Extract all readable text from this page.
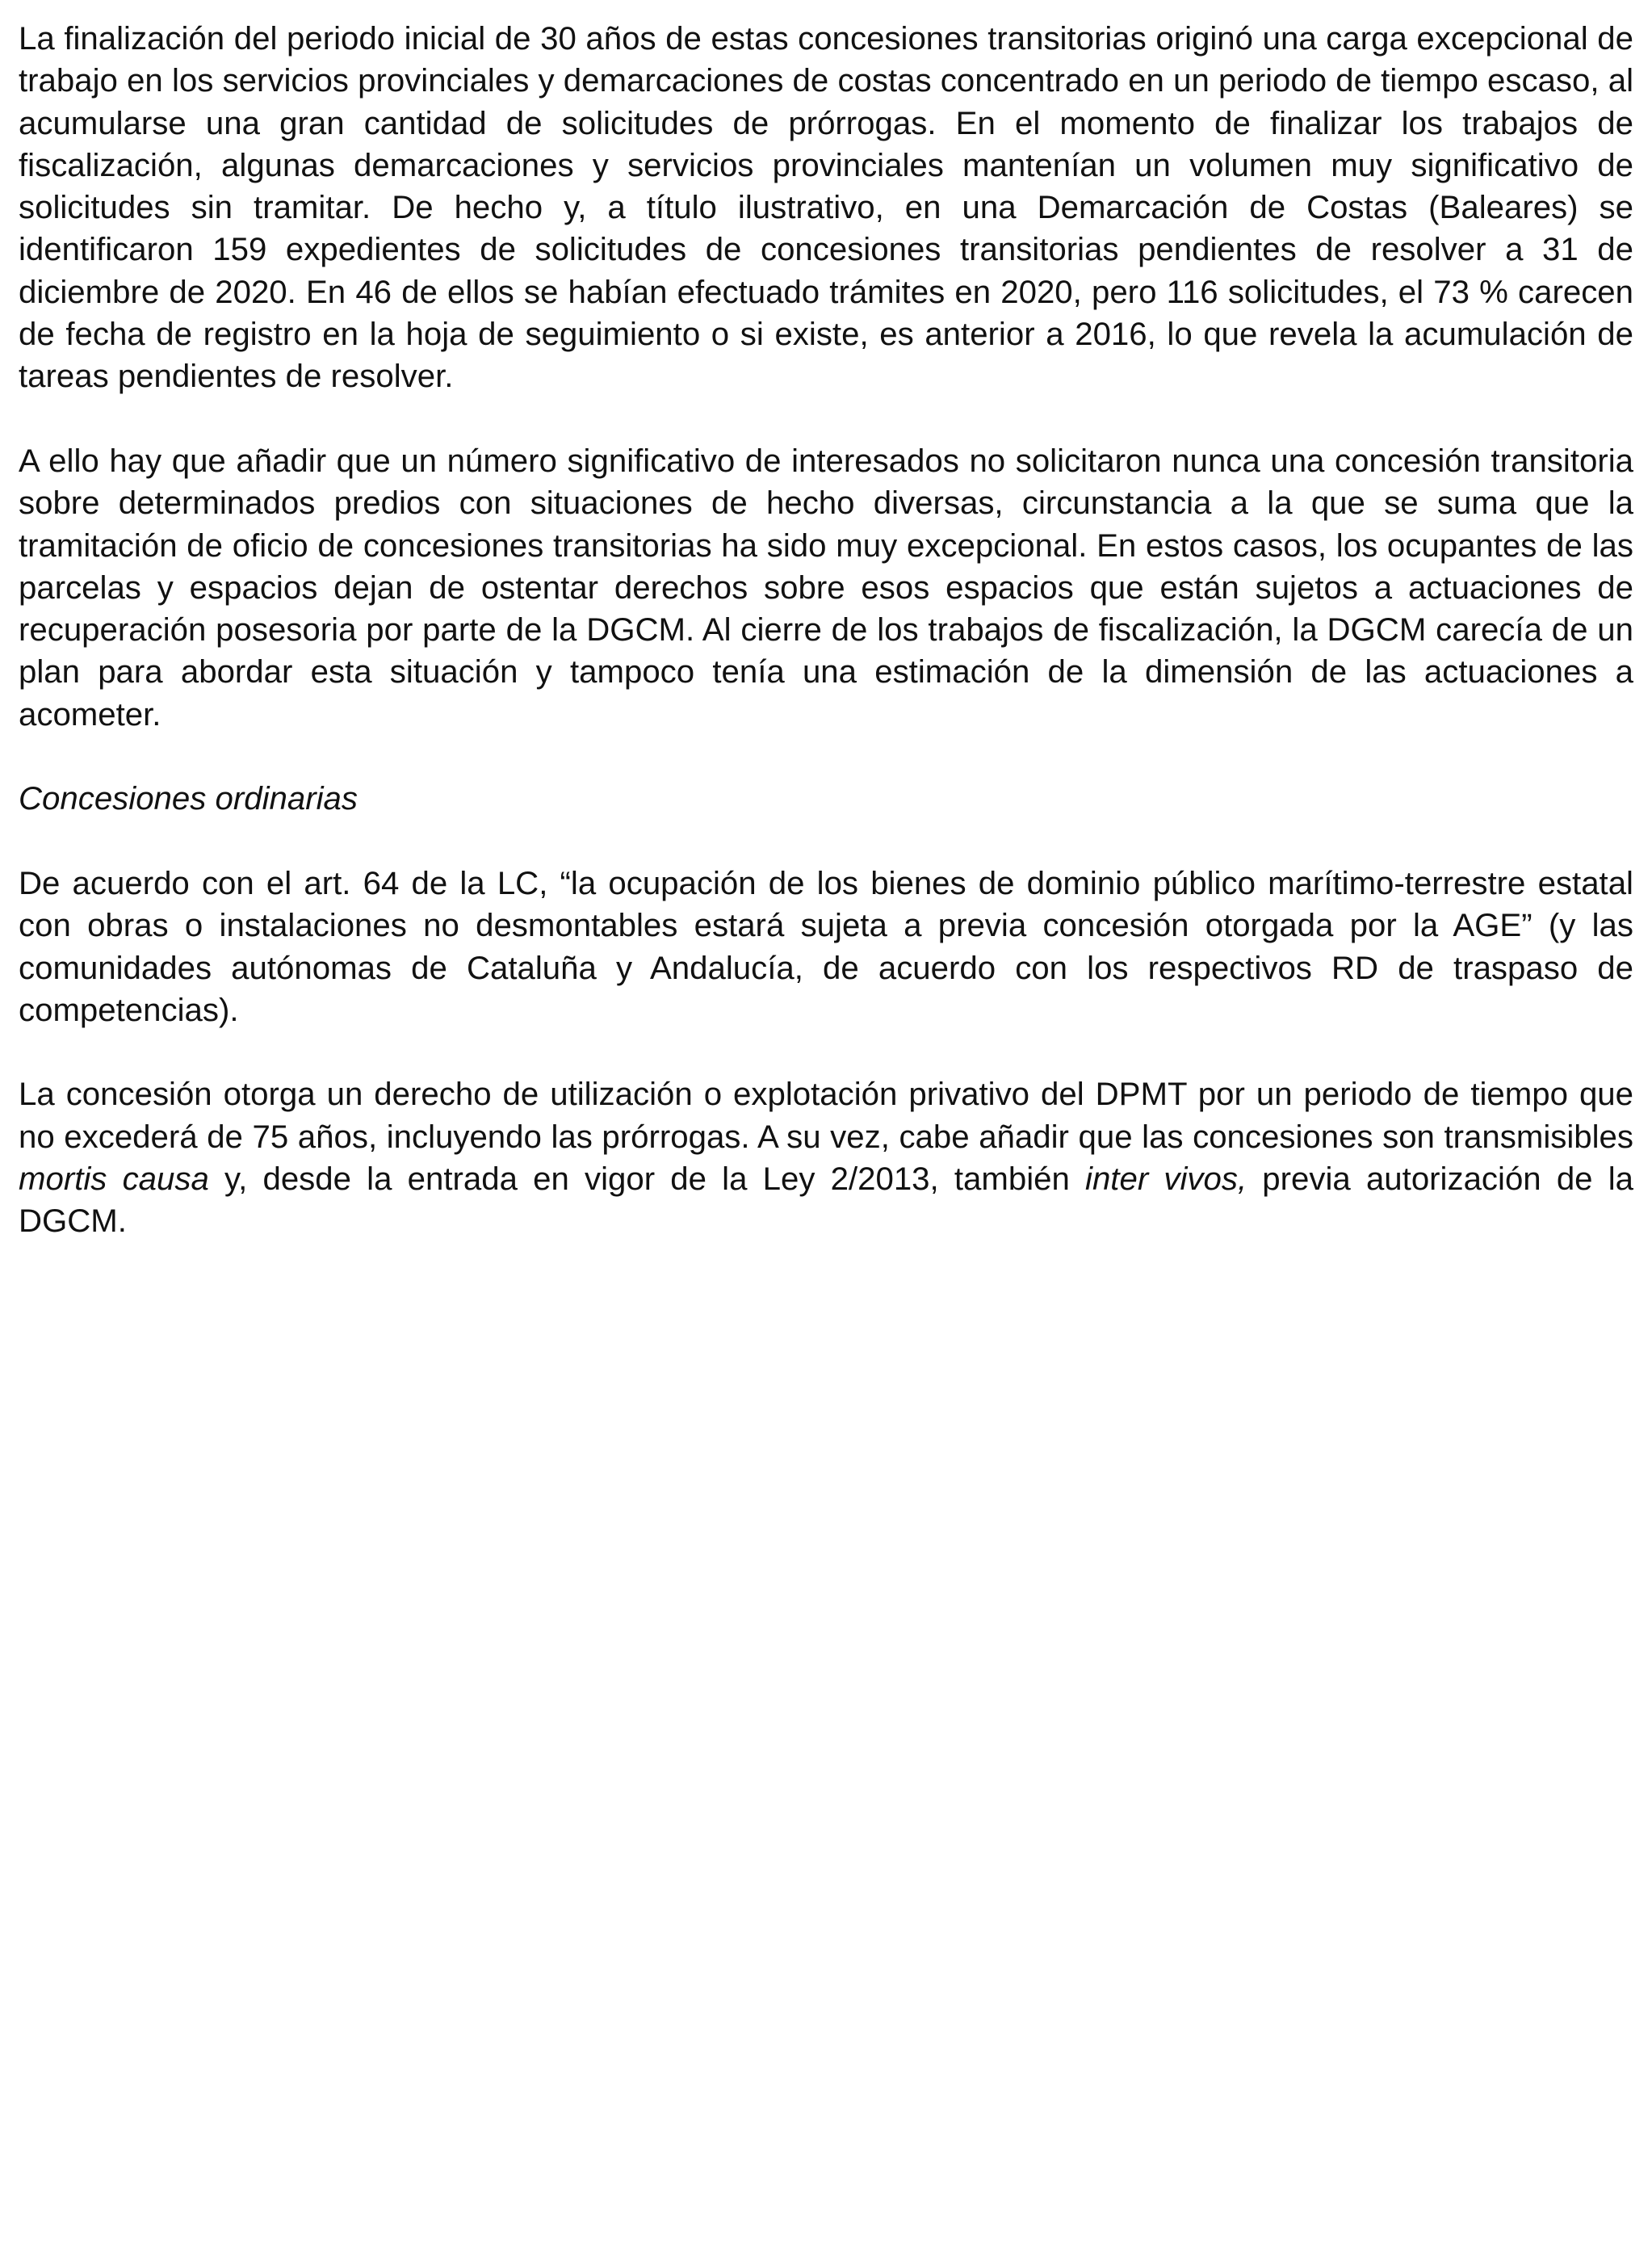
La finalización del periodo inicial de 30 años de estas concesiones transitorias originó una carga excepcional de trabajo en los servicios provinciales y demarcaciones de costas concentrado en un periodo de tiempo escaso, al acumularse una gran cantidad de solicitudes de prórrogas. En el momento de finalizar los trabajos de fiscalización, algunas demarcaciones y servicios provinciales mantenían un volumen muy significativo de solicitudes sin tramitar. De hecho y, a título ilustrativo, en una Demarcación de Costas (Baleares) se identificaron 159 expedientes de solicitudes de concesiones transitorias pendientes de resolver a 31 de diciembre de 2020. En 46 de ellos se habían efectuado trámites en 2020, pero 116 solicitudes, el 73 % carecen de fecha de registro en la hoja de seguimiento o si existe, es anterior a 2016, lo que revela la acumulación de tareas pendientes de resolver.

A ello hay que añadir que un número significativo de interesados no solicitaron nunca una concesión transitoria sobre determinados predios con situaciones de hecho diversas, circunstancia a la que se suma que la tramitación de oficio de concesiones transitorias ha sido muy excepcional. En estos casos, los ocupantes de las parcelas y espacios dejan de ostentar derechos sobre esos espacios que están sujetos a actuaciones de recuperación posesoria por parte de la DGCM. Al cierre de los trabajos de fiscalización, la DGCM carecía de un plan para abordar esta situación y tampoco tenía una estimación de la dimensión de las actuaciones a acometer.

Concesiones ordinarias

De acuerdo con el art. 64 de la LC, “la ocupación de los bienes de dominio público marítimo-terrestre estatal con obras o instalaciones no desmontables estará sujeta a previa concesión otorgada por la AGE” (y las comunidades autónomas de Cataluña y Andalucía, de acuerdo con los respectivos RD de traspaso de competencias).

La concesión otorga un derecho de utilización o explotación privativo del DPMT por un periodo de tiempo que no excederá de 75 años, incluyendo las prórrogas. A su vez, cabe añadir que las concesiones son transmisibles mortis causa y, desde la entrada en vigor de la Ley 2/2013, también inter vivos, previa autorización de la DGCM.
